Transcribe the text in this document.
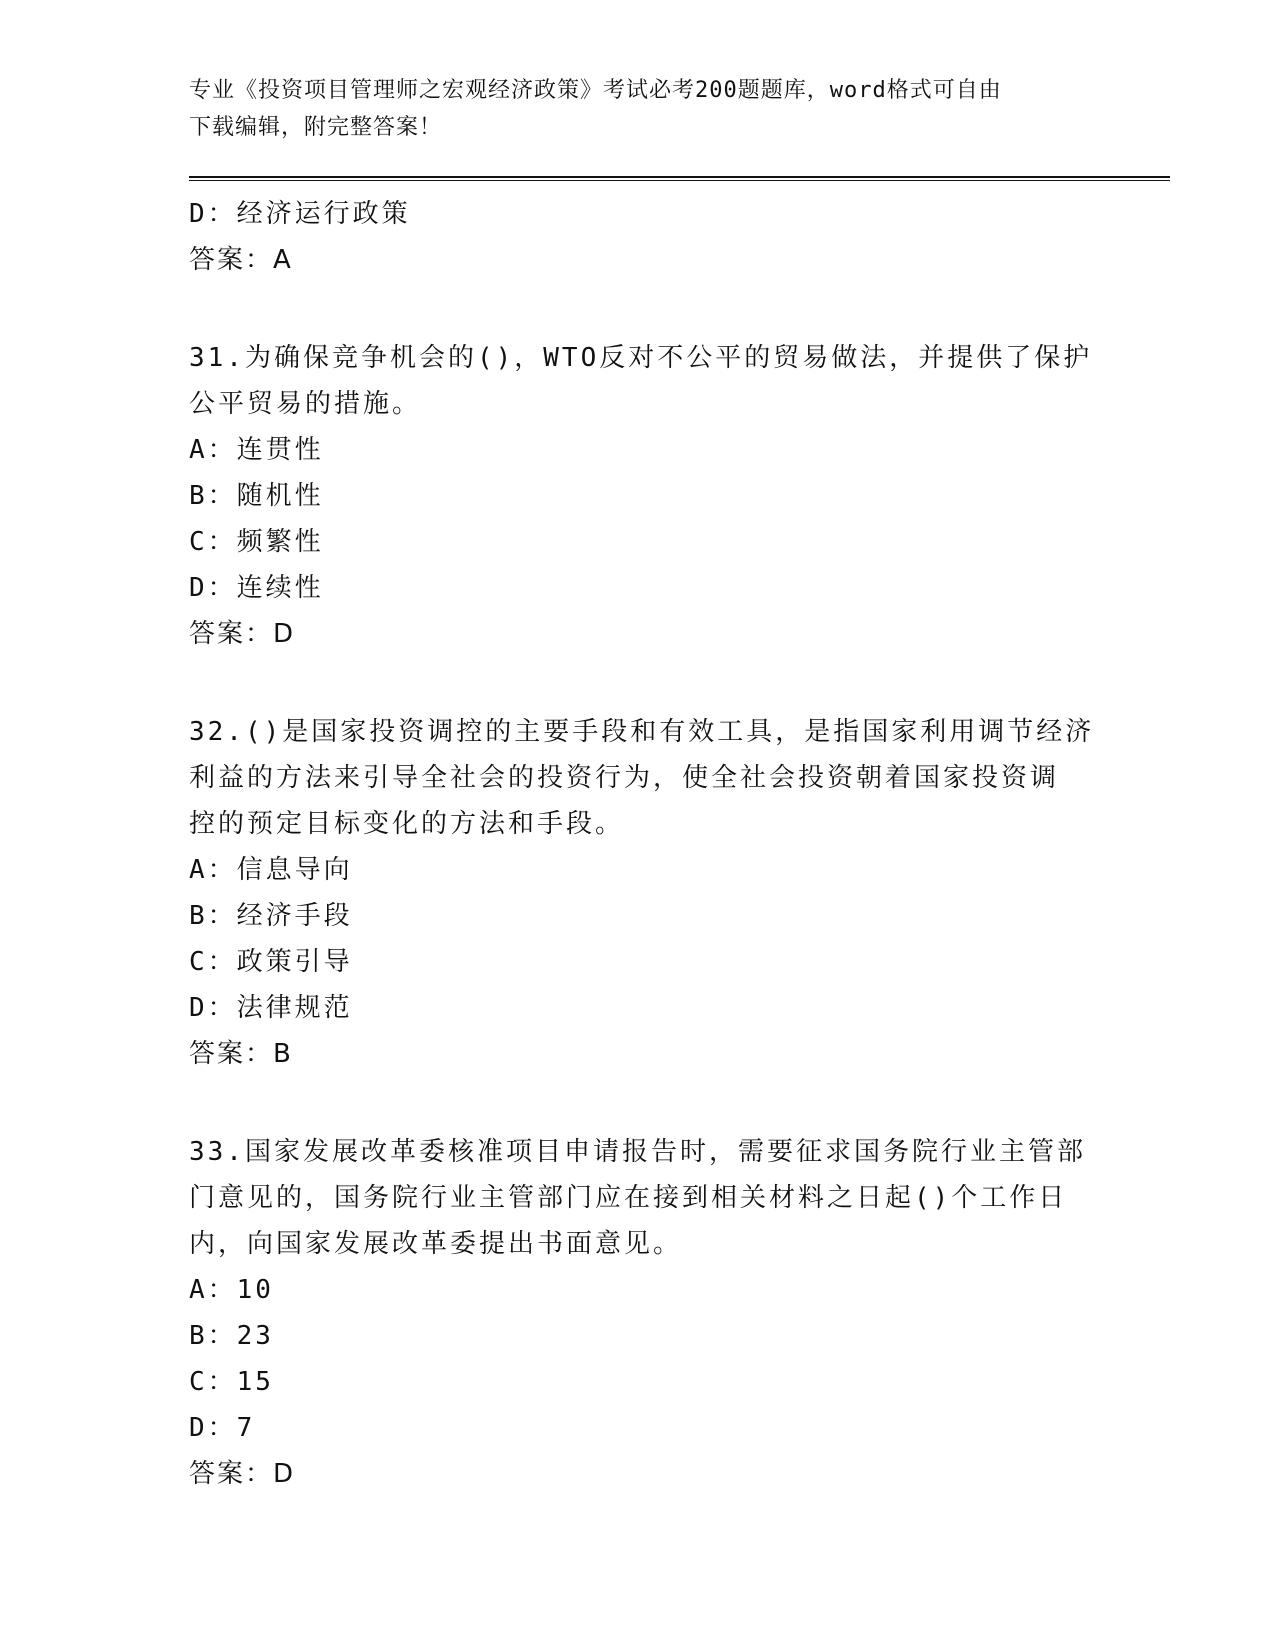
专业《投资项目管理师之宏观经济政策》考试必考200题题库，word格式可自由
下载编辑，附完整答案！

D：经济运行政策

答案：A

31.为确保竞争机会的()，WTO反对不公平的贸易做法，并提供了保护
公平贸易的措施。

A：连贯性

B：随机性

C：频繁性

D：连续性

答案：D

32.()是国家投资调控的主要手段和有效工具，是指国家利用调节经济
利益的方法来引导全社会的投资行为，使全社会投资朝着国家投资调
控的预定目标变化的方法和手段。

A：信息导向

B：经济手段

C：政策引导

D：法律规范

答案：B

33.国家发展改革委核准项目申请报告时，需要征求国务院行业主管部
门意见的，国务院行业主管部门应在接到相关材料之日起()个工作日
内，向国家发展改革委提出书面意见。

A：10

B：23

C：15

D：7

答案：D
